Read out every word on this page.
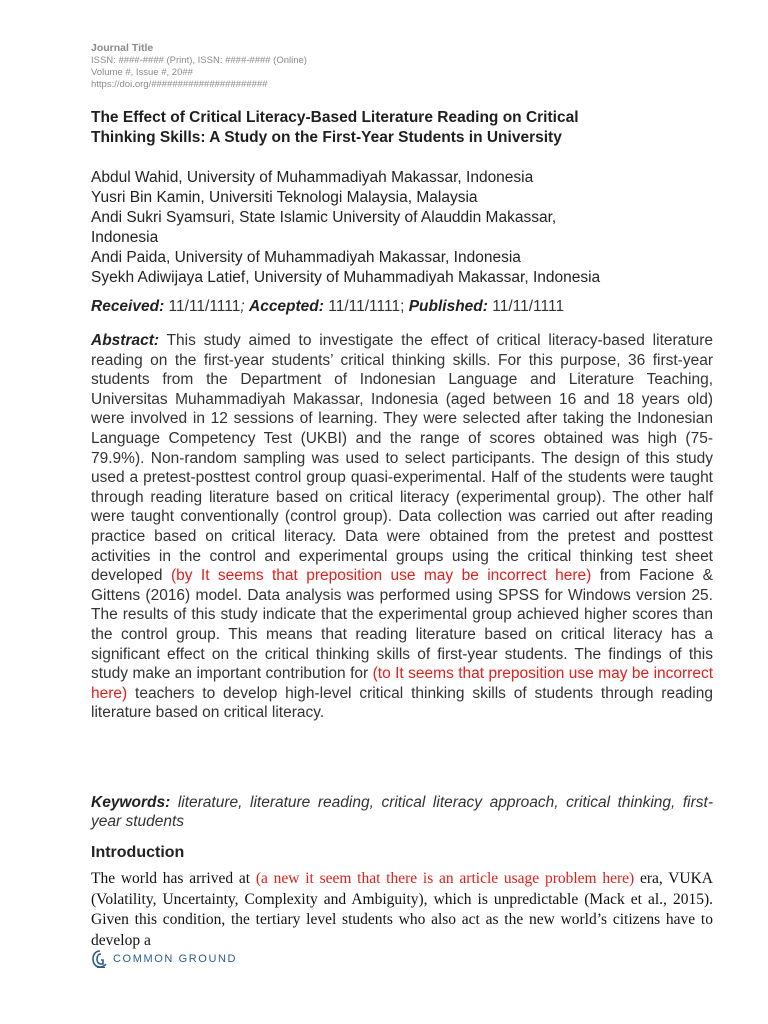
Journal Title
ISSN: ####-#### (Print), ISSN: ####-#### (Online)
Volume #, Issue #, 20##
https://doi.org/######################
The Effect of Critical Literacy-Based Literature Reading on Critical
Thinking Skills: A Study on the First-Year Students in University
Abdul Wahid, University of Muhammadiyah Makassar, Indonesia
Yusri Bin Kamin, Universiti Teknologi Malaysia, Malaysia
Andi Sukri Syamsuri, State Islamic University of Alauddin Makassar,
Indonesia
Andi Paida, University of Muhammadiyah Makassar, Indonesia
Syekh Adiwijaya Latief, University of Muhammadiyah Makassar, Indonesia
Received: 11/11/1111; Accepted: 11/11/1111; Published: 11/11/1111
Abstract: This study aimed to investigate the effect of critical literacy-based literature reading on the first-year students’ critical thinking skills. For this purpose, 36 first-year students from the Department of Indonesian Language and Literature Teaching, Universitas Muhammadiyah Makassar, Indonesia (aged between 16 and 18 years old) were involved in 12 sessions of learning. They were selected after taking the Indonesian Language Competency Test (UKBI) and the range of scores obtained was high (75-79.9%). Non-random sampling was used to select participants. The design of this study used a pretest-posttest control group quasi-experimental. Half of the students were taught through reading literature based on critical literacy (experimental group). The other half were taught conventionally (control group). Data collection was carried out after reading practice based on critical literacy. Data were obtained from the pretest and posttest activities in the control and experimental groups using the critical thinking test sheet developed (by It seems that preposition use may be incorrect here) from Facione & Gittens (2016) model. Data analysis was performed using SPSS for Windows version 25. The results of this study indicate that the experimental group achieved higher scores than the control group. This means that reading literature based on critical literacy has a significant effect on the critical thinking skills of first-year students. The findings of this study make an important contribution for (to It seems that preposition use may be incorrect here) teachers to develop high-level critical thinking skills of students through reading literature based on critical literacy.
Keywords: literature, literature reading, critical literacy approach, critical thinking, first-year students
Introduction
The world has arrived at (a new it seem that there is an article usage problem here) era, VUKA (Volatility, Uncertainty, Complexity and Ambiguity), which is unpredictable (Mack et al., 2015). Given this condition, the tertiary level students who also act as the new world’s citizens have to develop a
COMMON GROUND
